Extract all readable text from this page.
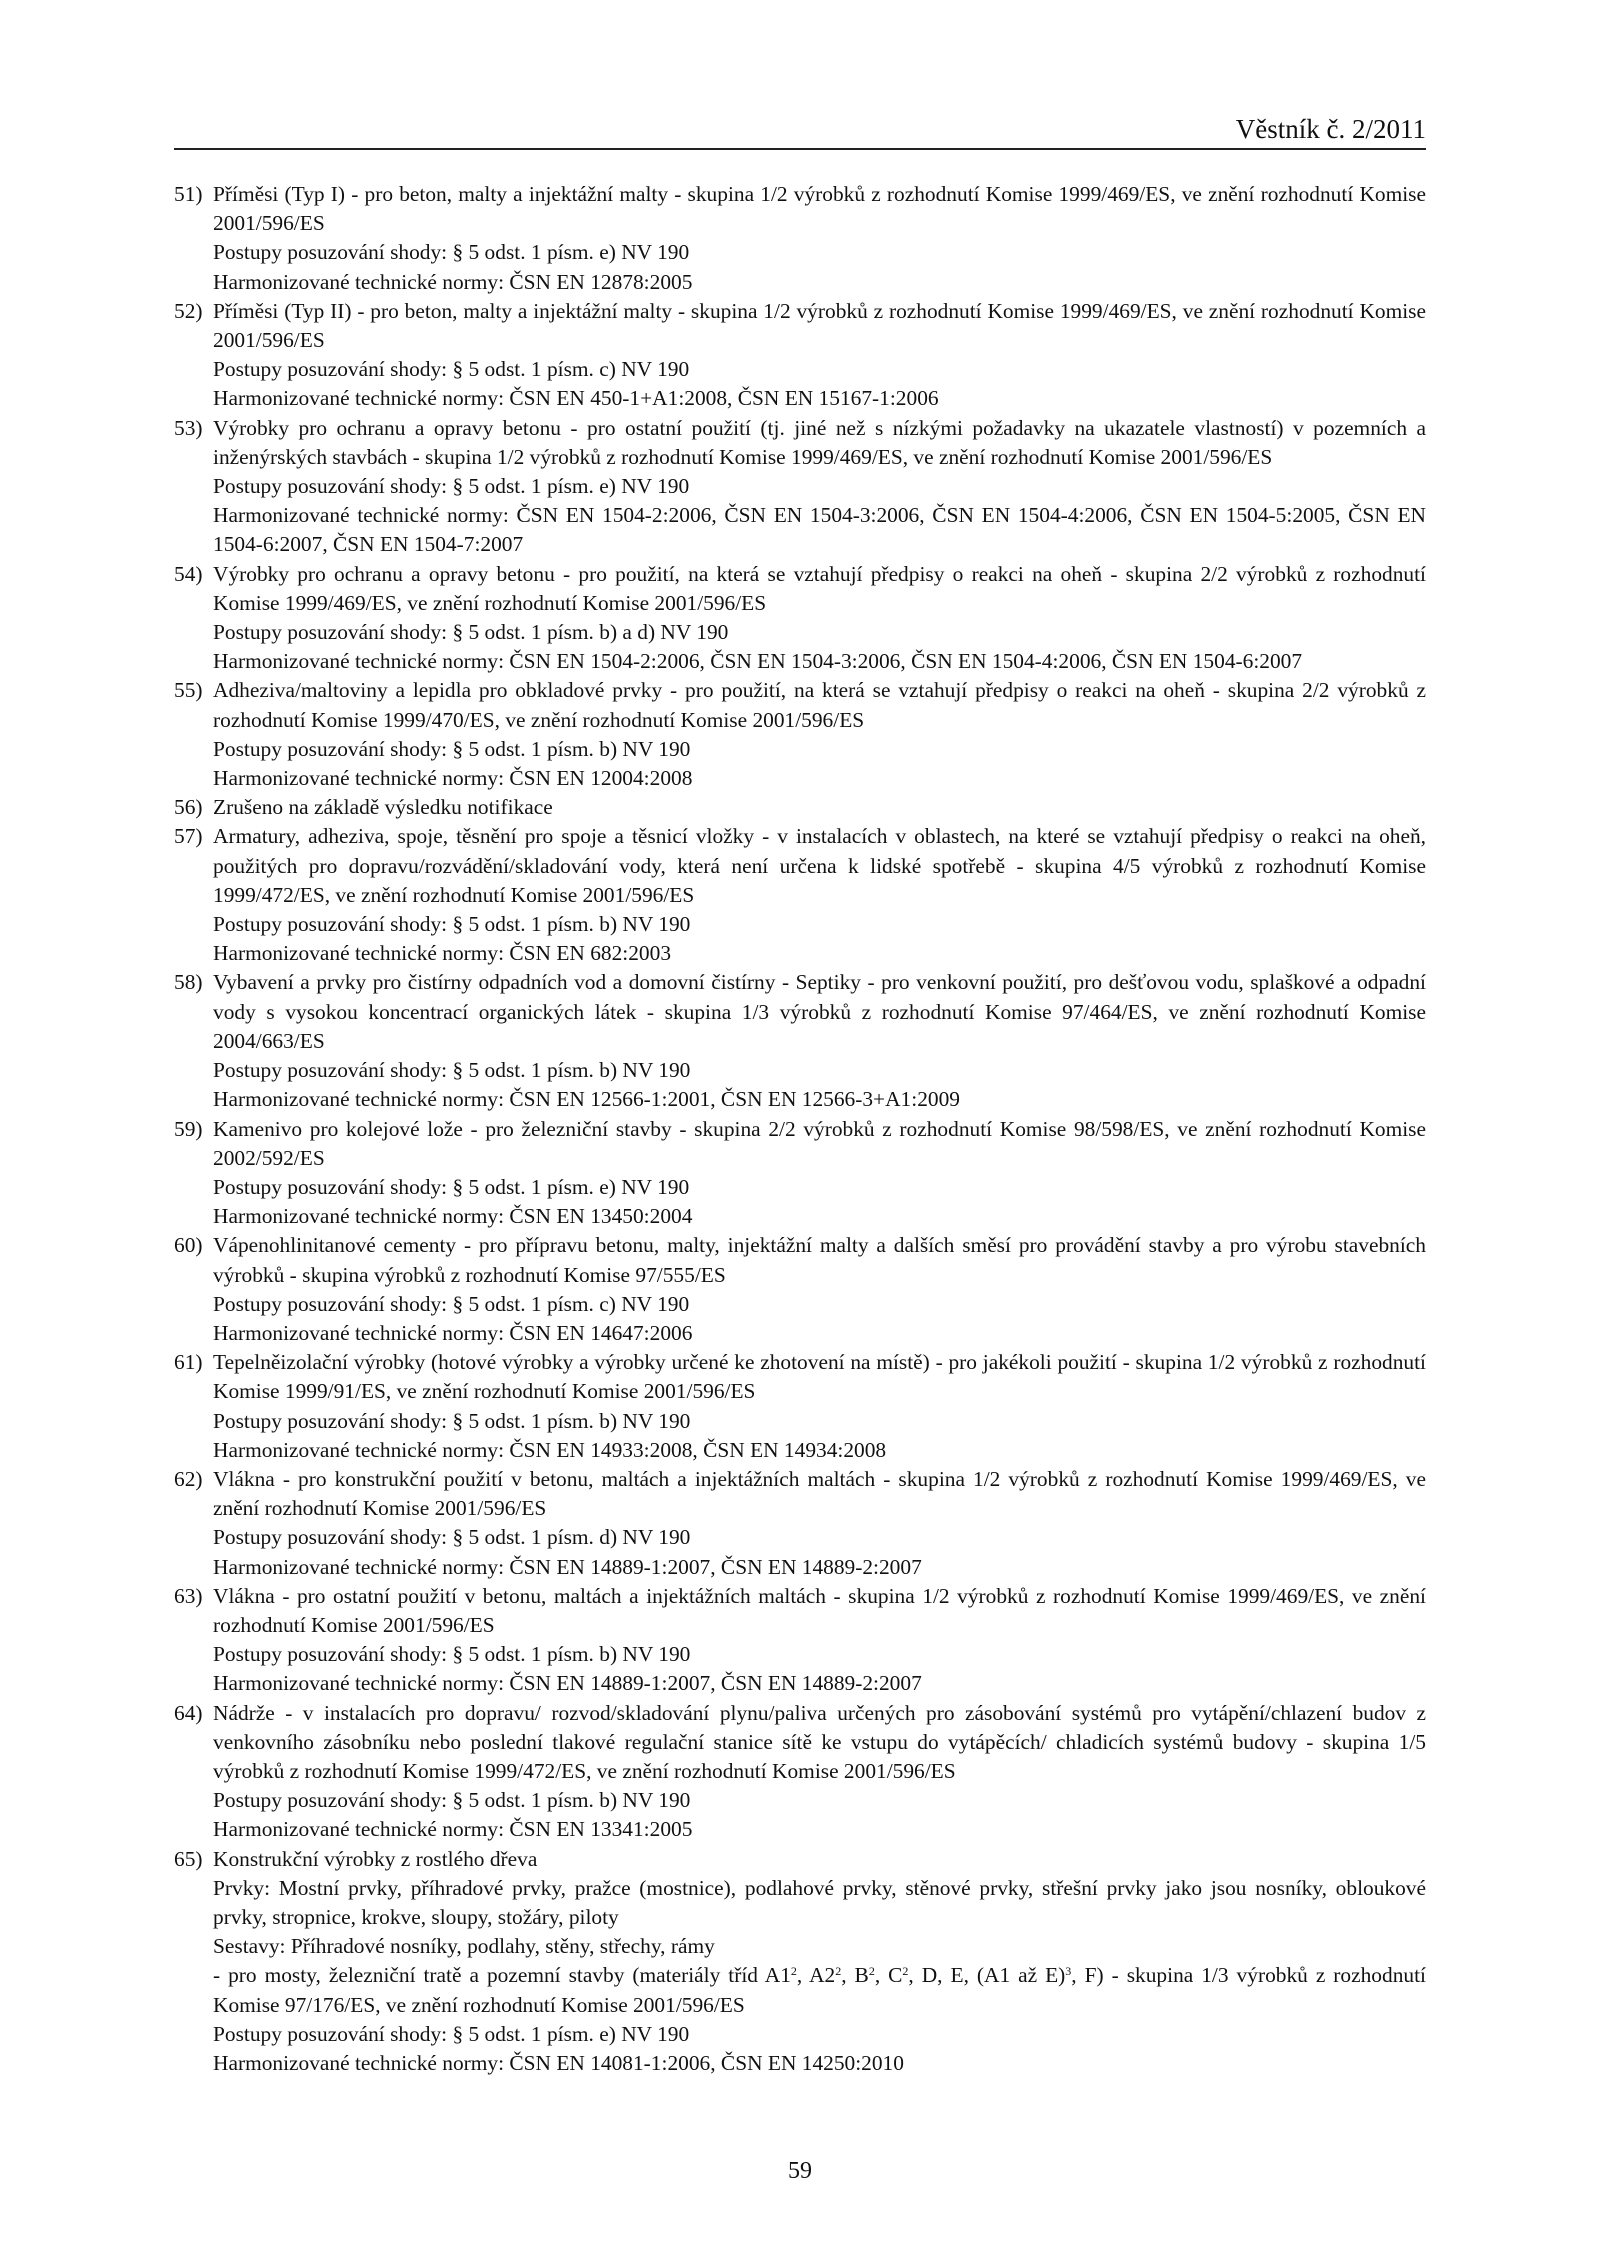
Věstník č. 2/2011
51) Příměsi (Typ I) - pro beton, malty a injektážní malty - skupina 1/2 výrobků z rozhodnutí Komise 1999/469/ES, ve znění rozhodnutí Komise 2001/596/ES
Postupy posuzování shody: § 5 odst. 1 písm. e) NV 190
Harmonizované technické normy: ČSN EN 12878:2005
52) Příměsi (Typ II) - pro beton, malty a injektážní malty - skupina 1/2 výrobků z rozhodnutí Komise 1999/469/ES, ve znění rozhodnutí Komise 2001/596/ES
Postupy posuzování shody: § 5 odst. 1 písm. c) NV 190
Harmonizované technické normy: ČSN EN 450-1+A1:2008, ČSN EN 15167-1:2006
53) Výrobky pro ochranu a opravy betonu - pro ostatní použití (tj. jiné než s nízkými požadavky na ukazatele vlastností) v pozemních a inženýrských stavbách - skupina 1/2 výrobků z rozhodnutí Komise 1999/469/ES, ve znění rozhodnutí Komise 2001/596/ES
Postupy posuzování shody: § 5 odst. 1 písm. e) NV 190
Harmonizované technické normy: ČSN EN 1504-2:2006, ČSN EN 1504-3:2006, ČSN EN 1504-4:2006, ČSN EN 1504-5:2005, ČSN EN 1504-6:2007, ČSN EN 1504-7:2007
54) Výrobky pro ochranu a opravy betonu - pro použití, na která se vztahují předpisy o reakci na oheň - skupina 2/2 výrobků z rozhodnutí Komise 1999/469/ES, ve znění rozhodnutí Komise 2001/596/ES
Postupy posuzování shody: § 5 odst. 1 písm. b) a d) NV 190
Harmonizované technické normy: ČSN EN 1504-2:2006, ČSN EN 1504-3:2006, ČSN EN 1504-4:2006, ČSN EN 1504-6:2007
55) Adheziva/maltoviny a lepidla pro obkladové prvky - pro použití, na která se vztahují předpisy o reakci na oheň - skupina 2/2 výrobků z rozhodnutí Komise 1999/470/ES, ve znění rozhodnutí Komise 2001/596/ES
Postupy posuzování shody: § 5 odst. 1 písm. b) NV 190
Harmonizované technické normy: ČSN EN 12004:2008
56) Zrušeno na základě výsledku notifikace
57) Armatury, adheziva, spoje, těsnění pro spoje a těsnicí vložky - v instalacích v oblastech, na které se vztahují předpisy o reakci na oheň, použitých pro dopravu/rozvádění/skladování vody, která není určena k lidské spotřebě - skupina 4/5 výrobků z rozhodnutí Komise 1999/472/ES, ve znění rozhodnutí Komise 2001/596/ES
Postupy posuzování shody: § 5 odst. 1 písm. b) NV 190
Harmonizované technické normy: ČSN EN 682:2003
58) Vybavení a prvky pro čistírny odpadních vod a domovní čistírny - Septiky - pro venkovní použití, pro dešťovou vodu, splaškové a odpadní vody s vysokou koncentrací organických látek - skupina 1/3 výrobků z rozhodnutí Komise 97/464/ES, ve znění rozhodnutí Komise 2004/663/ES
Postupy posuzování shody: § 5 odst. 1 písm. b) NV 190
Harmonizované technické normy: ČSN EN 12566-1:2001, ČSN EN 12566-3+A1:2009
59) Kamenivo pro kolejové lože - pro železniční stavby - skupina 2/2 výrobků z rozhodnutí Komise 98/598/ES, ve znění rozhodnutí Komise 2002/592/ES
Postupy posuzování shody: § 5 odst. 1 písm. e) NV 190
Harmonizované technické normy: ČSN EN 13450:2004
60) Vápenohlinitanové cementy - pro přípravu betonu, malty, injektážní malty a dalších směsí pro provádění stavby a pro výrobu stavebních výrobků - skupina výrobků z rozhodnutí Komise 97/555/ES
Postupy posuzování shody: § 5 odst. 1 písm. c) NV 190
Harmonizované technické normy: ČSN EN 14647:2006
61) Tepelněizolační výrobky (hotové výrobky a výrobky určené ke zhotovení na místě) - pro jakékoli použití - skupina 1/2 výrobků z rozhodnutí Komise 1999/91/ES, ve znění rozhodnutí Komise 2001/596/ES
Postupy posuzování shody: § 5 odst. 1 písm. b) NV 190
Harmonizované technické normy: ČSN EN 14933:2008, ČSN EN 14934:2008
62) Vlákna - pro konstrukční použití v betonu, maltách a injektážních maltách - skupina 1/2 výrobků z rozhodnutí Komise 1999/469/ES, ve znění rozhodnutí Komise 2001/596/ES
Postupy posuzování shody: § 5 odst. 1 písm. d) NV 190
Harmonizované technické normy: ČSN EN 14889-1:2007, ČSN EN 14889-2:2007
63) Vlákna - pro ostatní použití v betonu, maltách a injektážních maltách - skupina 1/2 výrobků z rozhodnutí Komise 1999/469/ES, ve znění rozhodnutí Komise 2001/596/ES
Postupy posuzování shody: § 5 odst. 1 písm. b) NV 190
Harmonizované technické normy: ČSN EN 14889-1:2007, ČSN EN 14889-2:2007
64) Nádrže - v instalacích pro dopravu/ rozvod/skladování plynu/paliva určených pro zásobování systémů pro vytápění/chlazení budov z venkovního zásobníku nebo poslední tlakové regulační stanice sítě ke vstupu do vytápěcích/ chladicích systémů budovy - skupina 1/5 výrobků z rozhodnutí Komise 1999/472/ES, ve znění rozhodnutí Komise 2001/596/ES
Postupy posuzování shody: § 5 odst. 1 písm. b) NV 190
Harmonizované technické normy: ČSN EN 13341:2005
65) Konstrukční výrobky z rostlého dřeva
Prvky: Mostní prvky, příhradové prvky, pražce (mostnice), podlahové prvky, stěnové prvky, střešní prvky jako jsou nosníky, obloukové prvky, stropnice, krokve, sloupy, stožáry, piloty
Sestavy: Příhradové nosníky, podlahy, stěny, střechy, rámy
- pro mosty, železniční tratě a pozemní stavby (materiály tříd $A1^2$, $A2^2$, $B^2$, $C^2$, D, E, (A1 až E)$^3$, F) - skupina 1/3 výrobků z rozhodnutí Komise 97/176/ES, ve znění rozhodnutí Komise 2001/596/ES
Postupy posuzování shody: § 5 odst. 1 písm. e) NV 190
Harmonizované technické normy: ČSN EN 14081-1:2006, ČSN EN 14250:2010
59
